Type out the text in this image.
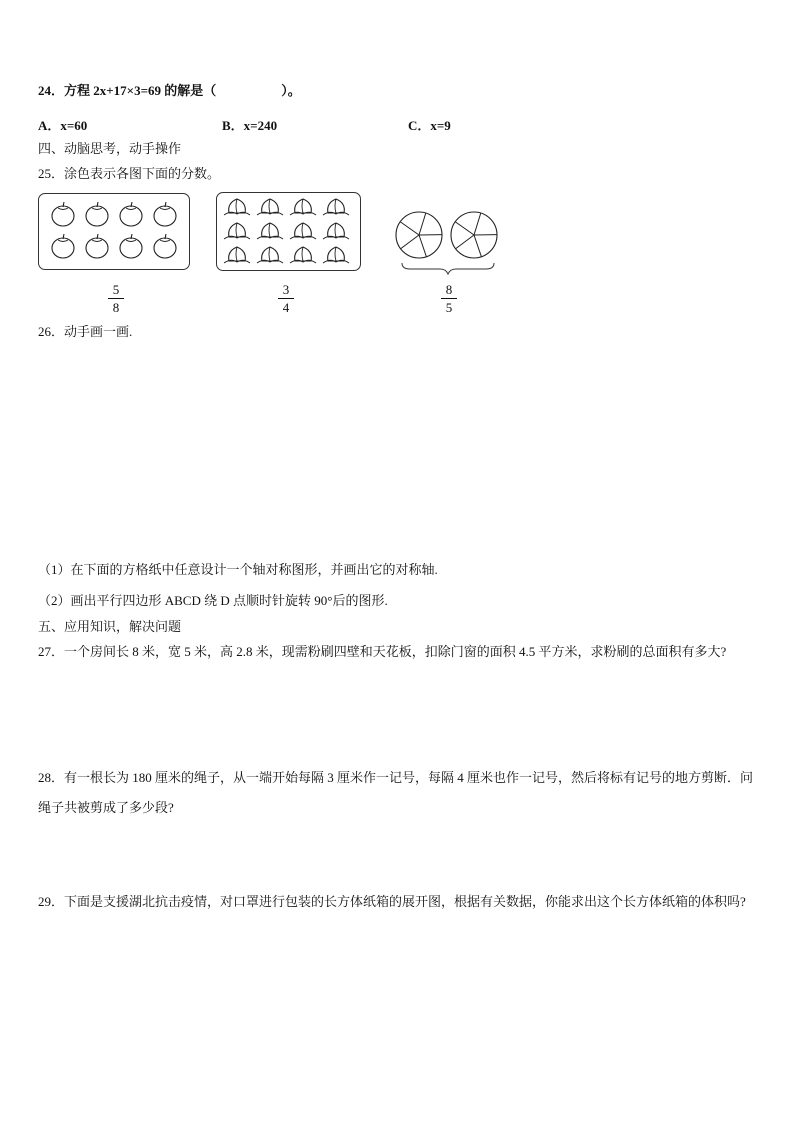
24．方程 2x+17×3=69 的解是（　　　　　）。
A．x=60	B．x=240	C．x=9
四、动脑思考，动手操作
25．涂色表示各图下面的分数。
5
8
3
4
8
5
26．动手画一画.
（1）在下面的方格纸中任意设计一个轴对称图形，并画出它的对称轴.
（2）画出平行四边形 ABCD 绕 D 点顺时针旋转 90°后的图形.
五、应用知识，解决问题
27．一个房间长 8 米，宽 5 米，高 2.8 米，现需粉刷四壁和天花板，扣除门窗的面积 4.5 平方米，求粉刷的总面积有多大?
28．有一根长为 180 厘米的绳子，从一端开始每隔 3 厘米作一记号，每隔 4 厘米也作一记号，然后将标有记号的地方剪断．问绳子共被剪成了多少段?
29．下面是支援湖北抗击疫情，对口罩进行包装的长方体纸箱的展开图，根据有关数据，你能求出这个长方体纸箱的体积吗?
